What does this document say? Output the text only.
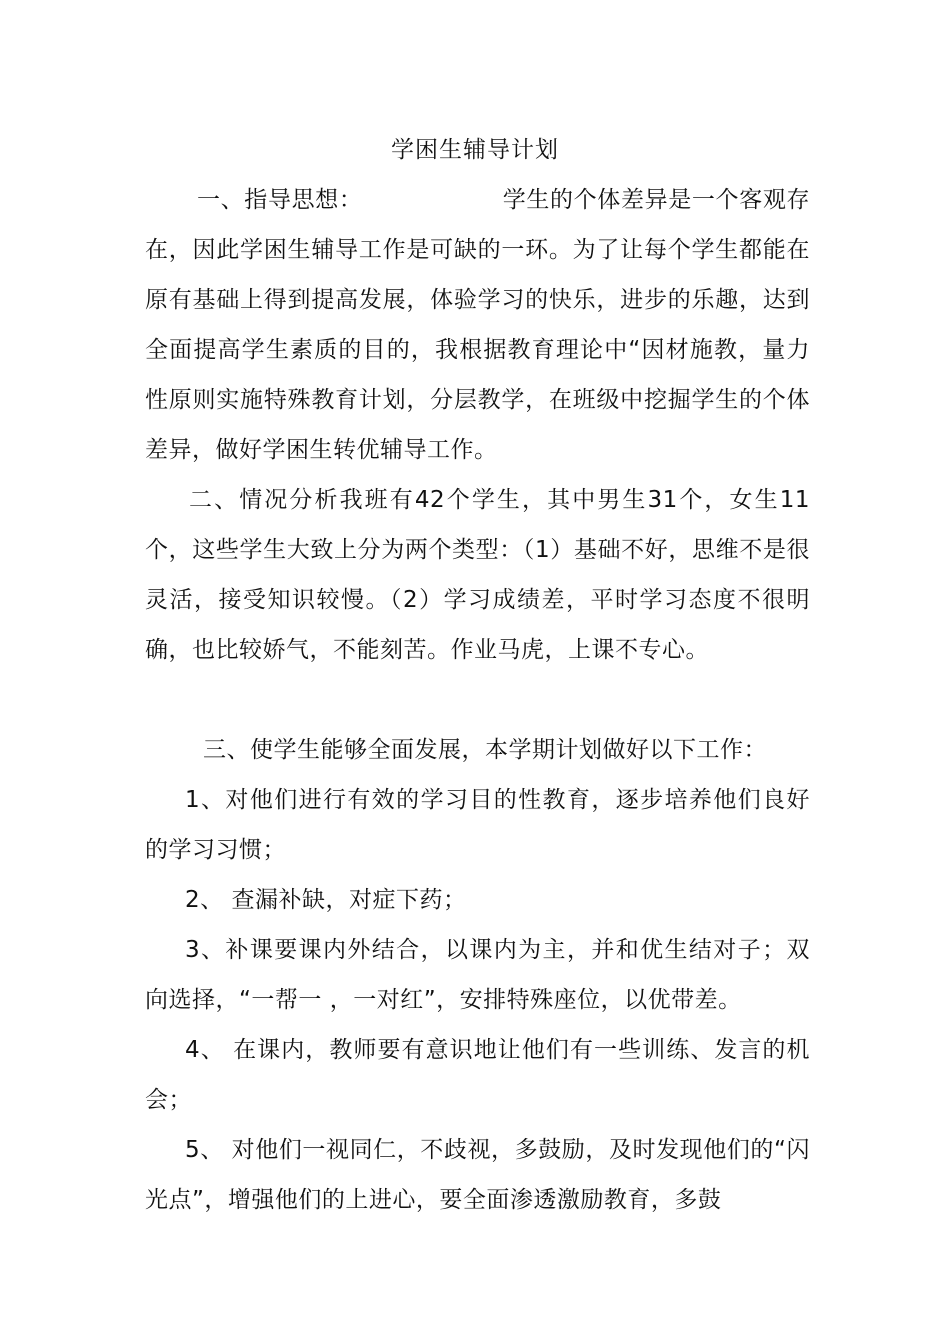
学困生辅导计划

一、指导思想：	学生的个体差异是一个客观存在，因此学困生辅导工作是可缺的一环。为了让每个学生都能在原有基础上得到提高发展，体验学习的快乐，进步的乐趣，达到全面提高学生素质的目的，我根据教育理论中“因材施教，量力性原则实施特殊教育计划，分层教学，在班级中挖掘学生的个体差异，做好学困生转优辅导工作。

二、情况分析我班有42个学生，其中男生31个，女生11个，这些学生大致上分为两个类型：（1）基础不好，思维不是很灵活，接受知识较慢。（2）学习成绩差，平时学习态度不很明确，也比较娇气，不能刻苦。作业马虎，上课不专心。

三、使学生能够全面发展，本学期计划做好以下工作：

1、对他们进行有效的学习目的性教育，逐步培养他们良好的学习习惯；

2、 查漏补缺，对症下药；

3、补课要课内外结合，以课内为主，并和优生结对子；双向选择，“一帮一 ，一对红”，安排特殊座位，以优带差。

4、 在课内，教师要有意识地让他们有一些训练、发言的机会；

5、 对他们一视同仁，不歧视，多鼓励，及时发现他们的“闪光点”，增强他们的上进心，要全面渗透激励教育，多鼓
